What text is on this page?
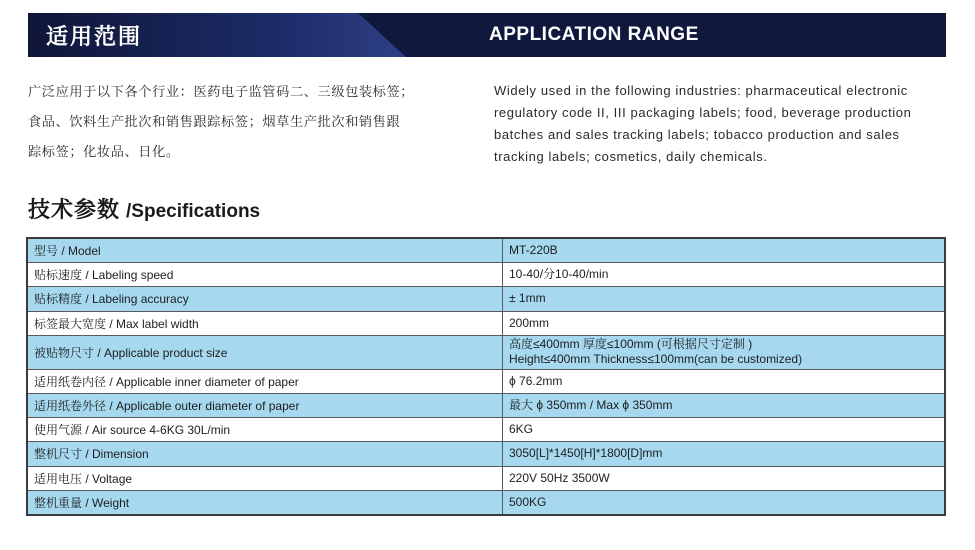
适用范围	APPLICATION RANGE
广泛应用于以下各个行业：医药电子监管码二、三级包装标签；
食品、饮料生产批次和销售跟踪标签；烟草生产批次和销售跟
踪标签；化妆品、日化。
Widely used in the following industries: pharmaceutical electronic
regulatory code II, III packaging labels; food, beverage production
batches and sales tracking labels; tobacco production and sales
tracking labels; cosmetics, daily chemicals.
技术参数 /Specifications
型号 / Model	MT-220B
贴标速度 / Labeling speed	10-40/分10-40/min
贴标精度 / Labeling accuracy	± 1mm
标签最大宽度 / Max label width	200mm
被贴物尺寸 / Applicable product size	高度≤400mm 厚度≤100mm (可根据尺寸定制 )
Height≤400mm Thickness≤100mm(can be customized)

适用纸卷内径 / Applicable inner diameter of paper	ϕ 76.2mm
适用纸卷外径 / Applicable outer diameter of paper	最大 ϕ 350mm / Max ϕ 350mm
使用气源 / Air source 4-6KG 30L/min	6KG
整机尺寸 / Dimension	3050[L]*1450[H]*1800[D]mm
适用电压 / Voltage	220V 50Hz 3500W
整机重量 / Weight	500KG
